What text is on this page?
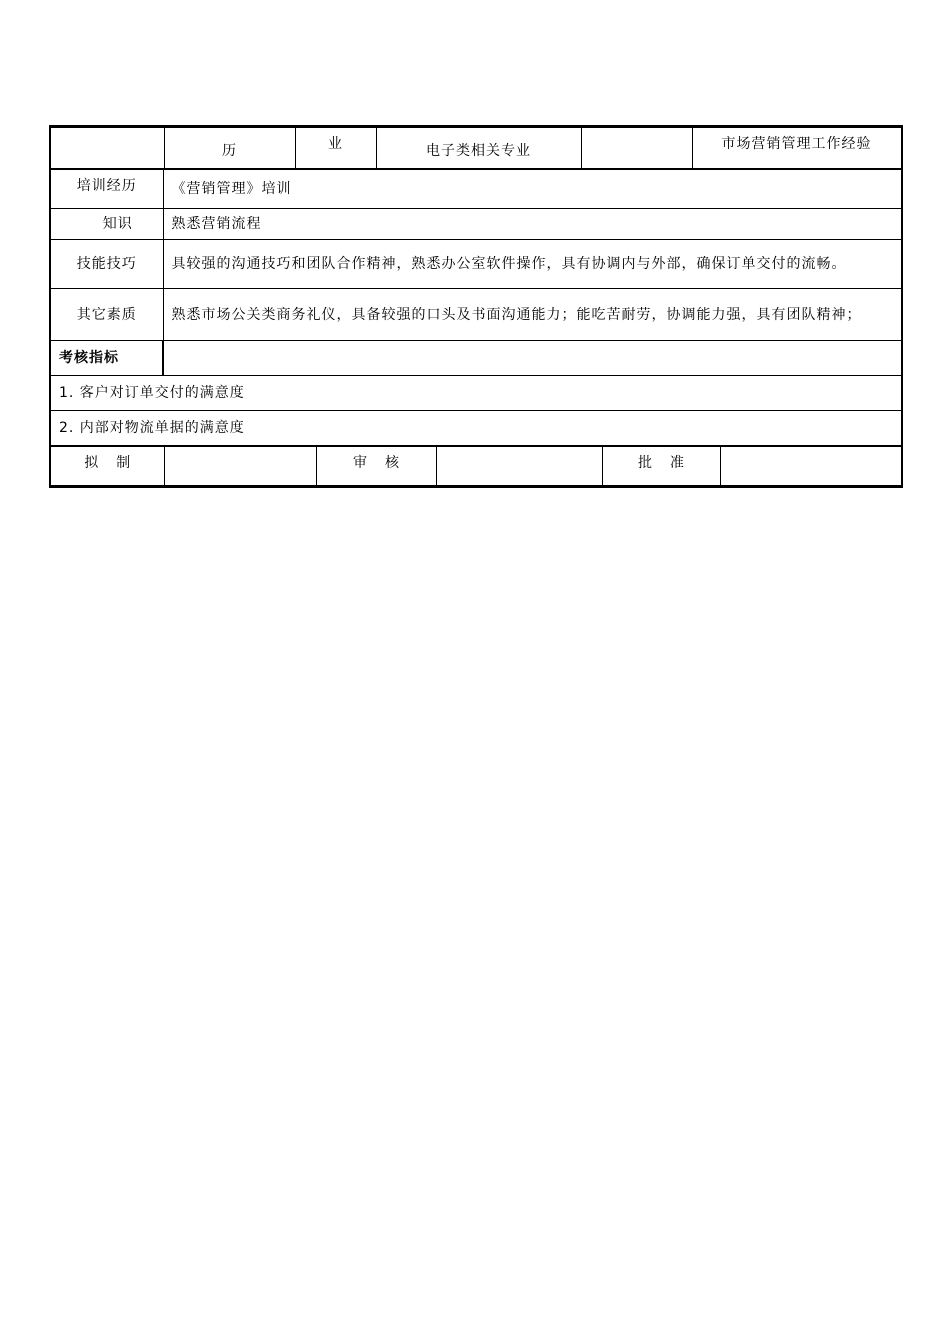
	历	业	电子类相关专业		市场营销管理工作经验

培训经历	《营销管理》培训
知识	熟悉营销流程
技能技巧	具较强的沟通技巧和团队合作精神，熟悉办公室软件操作，具有协调内与外部，确保订单交付的流畅。
其它素质	熟悉市场公关类商务礼仪，具备较强的口头及书面沟通能力；能吃苦耐劳，协调能力强，具有团队精神；
考核指标	
1. 客户对订单交付的满意度
2. 内部对物流单据的满意度

拟制		审核		批准	
